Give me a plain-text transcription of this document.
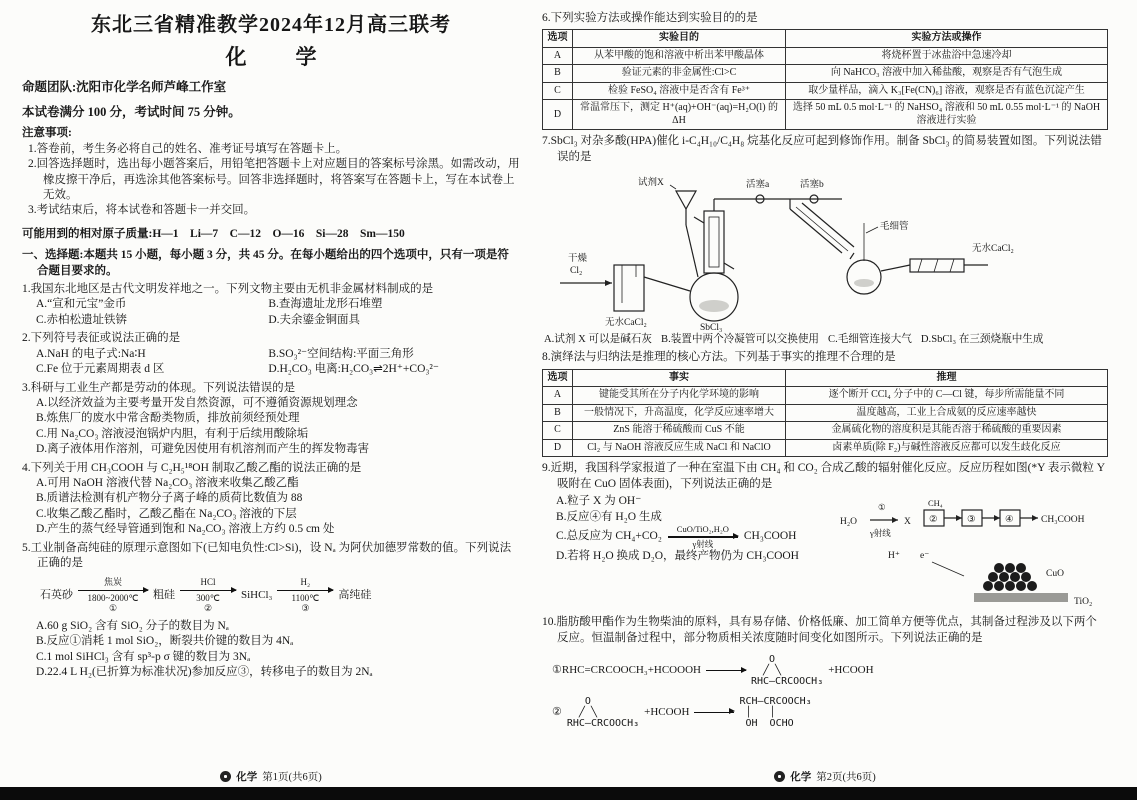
东北三省精准教学2024年12月高三联考
化　学

命题团队:沈阳市化学名师芦峰工作室

本试卷满分 100 分，考试时间 75 分钟。

注意事项:

1.答卷前，考生务必将自己的姓名、准考证号填写在答题卡上。

2.回答选择题时，选出每小题答案后，用铅笔把答题卡上对应题目的答案标号涂黑。如需改动，用橡皮擦干净后，再选涂其他答案标号。回答非选择题时，将答案写在答题卡上，写在本试卷上无效。

3.考试结束后，将本试卷和答题卡一并交回。

可能用到的相对原子质量:H—1　Li—7　C—12　O—16　Si—28　Sm—150

一、选择题:本题共 15 小题，每小题 3 分，共 45 分。在每小题给出的四个选项中，只有一项是符合题目要求的。

1.我国东北地区是古代文明发祥地之一。下列文物主要由无机非金属材料制成的是

A.“宣和元宝”金币	B.查海遗址龙形石堆塑
C.赤柏松遗址铁锛	D.夫余鎏金铜面具

2.下列符号表征或说法正确的是

A.NaH 的电子式:Na∶H	B.SO₃²⁻空间结构:平面三角形
C.Fe 位于元素周期表 d 区	D.H₂CO₃ 电离:H₂CO₃⇌2H⁺+CO₃²⁻

3.科研与工业生产都是劳动的体现。下列说法错误的是

A.以经济效益为主要考量开发自然资源，可不遵循资源规划理念

B.炼焦厂的废水中常含酚类物质，排放前须经预处理

C.用 Na₂CO₃ 溶液浸泡锅炉内胆，有利于后续用酸除垢

D.离子液体用作溶剂，可避免因使用有机溶剂而产生的挥发物毒害

4.下列关于用 CH₃COOH 与 C₂H₅¹⁸OH 制取乙酸乙酯的说法正确的是

A.可用 NaOH 溶液代替 Na₂CO₃ 溶液来收集乙酸乙酯

B.质谱法检测有机产物分子离子峰的质荷比数值为 88

C.收集乙酸乙酯时，乙酸乙酯在 Na₂CO₃ 溶液的下层

D.产生的蒸气经导管通到饱和 Na₂CO₃ 溶液上方约 0.5 cm 处

5.工业制备高纯硅的原理示意图如下(已知电负性:Cl>Si)，设 Nₐ 为阿伏加德罗常数的值。下列说法正确的是

石英砂
焦炭
1800~2000℃
①
粗硅
HCl
300℃
②
SiHCl₃
H₂
1100℃
③
高纯硅

A.60 g SiO₂ 含有 SiO₂ 分子的数目为 Nₐ

B.反应①消耗 1 mol SiO₂，断裂共价键的数目为 4Nₐ

C.1 mol SiHCl₃ 含有 sp³-p σ 键的数目为 3Nₐ

D.22.4 L H₂(已折算为标准状况)参加反应③，转移电子的数目为 2Nₐ

6.下列实验方法或操作能达到实验目的的是

选项	实验目的	实验方法或操作
A	从苯甲酸的饱和溶液中析出苯甲酸晶体	将烧杯置于冰盐浴中急速冷却
B	验证元素的非金属性:Cl>C	向 NaHCO₃ 溶液中加入稀盐酸，观察是否有气泡生成
C	检验 FeSO₄ 溶液中是否含有 Fe³⁺	取少量样品，滴入 K₃[Fe(CN)₆] 溶液，观察是否有蓝色沉淀产生
D	常温常压下，测定 H⁺(aq)+OH⁻(aq)=H₂O(l) 的 ΔH	选择 50 mL 0.5 mol·L⁻¹ 的 NaHSO₄ 溶液和 50 mL 0.55 mol·L⁻¹ 的 NaOH 溶液进行实验

7.SbCl₃ 对杂多酸(HPA)催化 i-C₄H₁₀/C₄H₈ 烷基化反应可起到修饰作用。制备 SbCl₃ 的简易装置如图。下列说法错误的是

干燥
Cl₂
无水CaCl₂	SbCl₃
试剂X	活塞a	活塞b
毛细管
无水CaCl₂
A.试剂 X 可以是碱石灰 B.装置中两个冷凝管可以交换使用 C.毛细管连接大气 D.SbCl₃ 在三颈烧瓶中生成

8.演绎法与归纳法是推理的核心方法。下列基于事实的推理不合理的是

选项	事实	推理
A	键能受其所在分子内化学环境的影响	逐个断开 CCl₄ 分子中的 C—Cl 键，每步所需能量不同
B	一般情况下，升高温度，化学反应速率增大	温度越高，工业上合成氨的反应速率越快
C	ZnS 能溶于稀硫酸而 CuS 不能	金属硫化物的溶度积是其能否溶于稀硫酸的重要因素
D	Cl₂ 与 NaOH 溶液反应生成 NaCl 和 NaClO	卤素单质(除 F₂)与碱性溶液反应都可以发生歧化反应

9.近期，我国科学家报道了一种在室温下由 CH₄ 和 CO₂ 合成乙酸的辐射催化反应。反应历程如图(*Y 表示微粒 Y 吸附在 CuO 固体表面)，下列说法正确的是

A.粒子 X 为 OH⁻

B.反应④有 H₂O 生成

C.总反应为 CH₄+CO₂
CuO/TiO₂,H₂O
γ射线
CH₃COOH

D.若将 H₂O 换成 D₂O，最终产物仍为 CH₃COOH

H₂O
①
γ射线
X
CH₄
②	③	④	CH₃COOH
H⁺ e⁻
CuO
TiO₂

10.脂肪酸甲酯作为生物柴油的原料，具有易存储、价格低廉、加工简单方便等优点，其制备过程涉及以下两个反应。恒温制备过程中，部分物质相关浓度随时间变化如图所示。下列说法正确的是

①RHC=CRCOOCH₃+HCOOOH
O
╱ ╲
RHC—CRCOOCH₃
+HCOOH
②
O
╱ ╲
RHC—CRCOOCH₃
+HCOOH
RCH—CRCOOCH₃
│   │
OH  OCHO
化学 第1页(共6页)	化学 第2页(共6页)
